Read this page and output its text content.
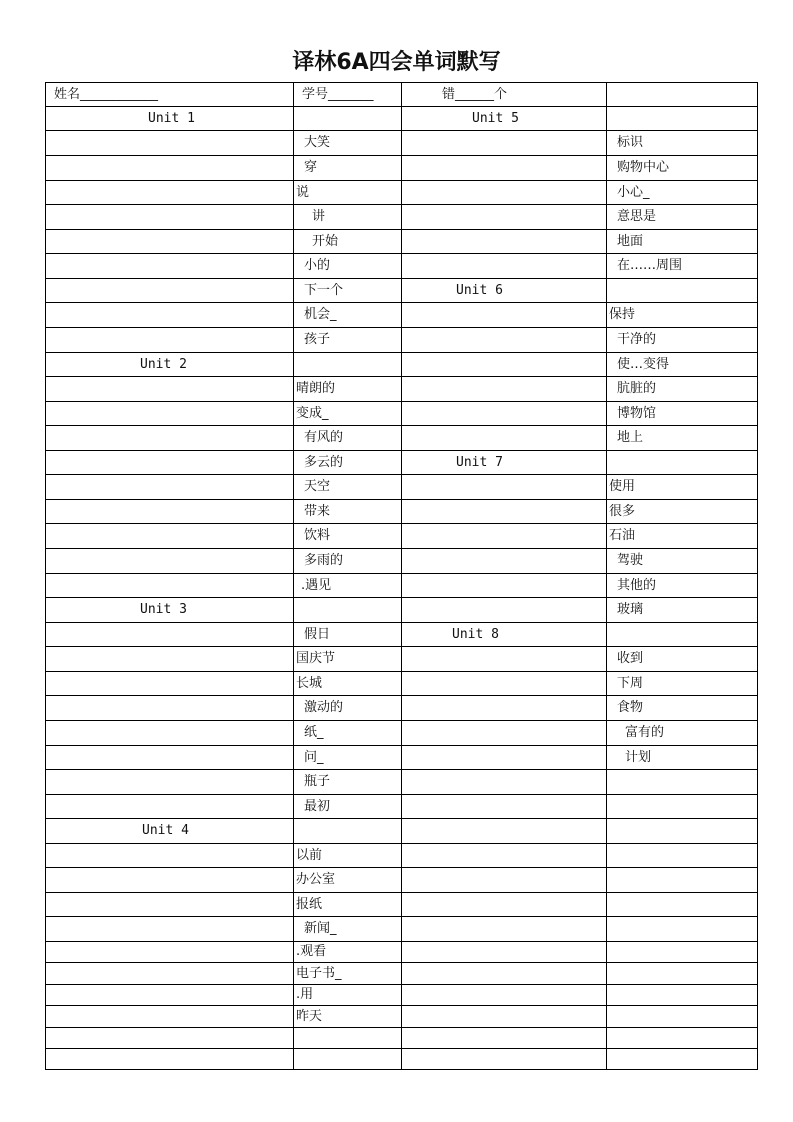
译林6A四会单词默写
姓名____________	学号_______	错______个	
Unit 1		Unit 5	
	大笑		标识
	穿		购物中心
	说		小心_
	讲		意思是
	开始		地面
	小的		在……周围
	下一个	Unit 6	
	机会_		保持
	孩子		干净的
Unit 2			使…变得
	晴朗的		肮脏的
	变成_		博物馆
	有风的		地上
	多云的	Unit 7	
	天空		使用
	带来		很多
	饮料		石油
	多雨的		驾驶
	.遇见		其他的
Unit 3			玻璃
	假日	Unit 8	
	国庆节		收到
	长城		下周
	激动的		食物
	纸_		富有的
	问_		计划
	瓶子		
	最初		
Unit 4			
	以前		
	办公室		
	报纸		
	新闻_		
	.观看		
	电子书_		
	.用		
	昨天		
